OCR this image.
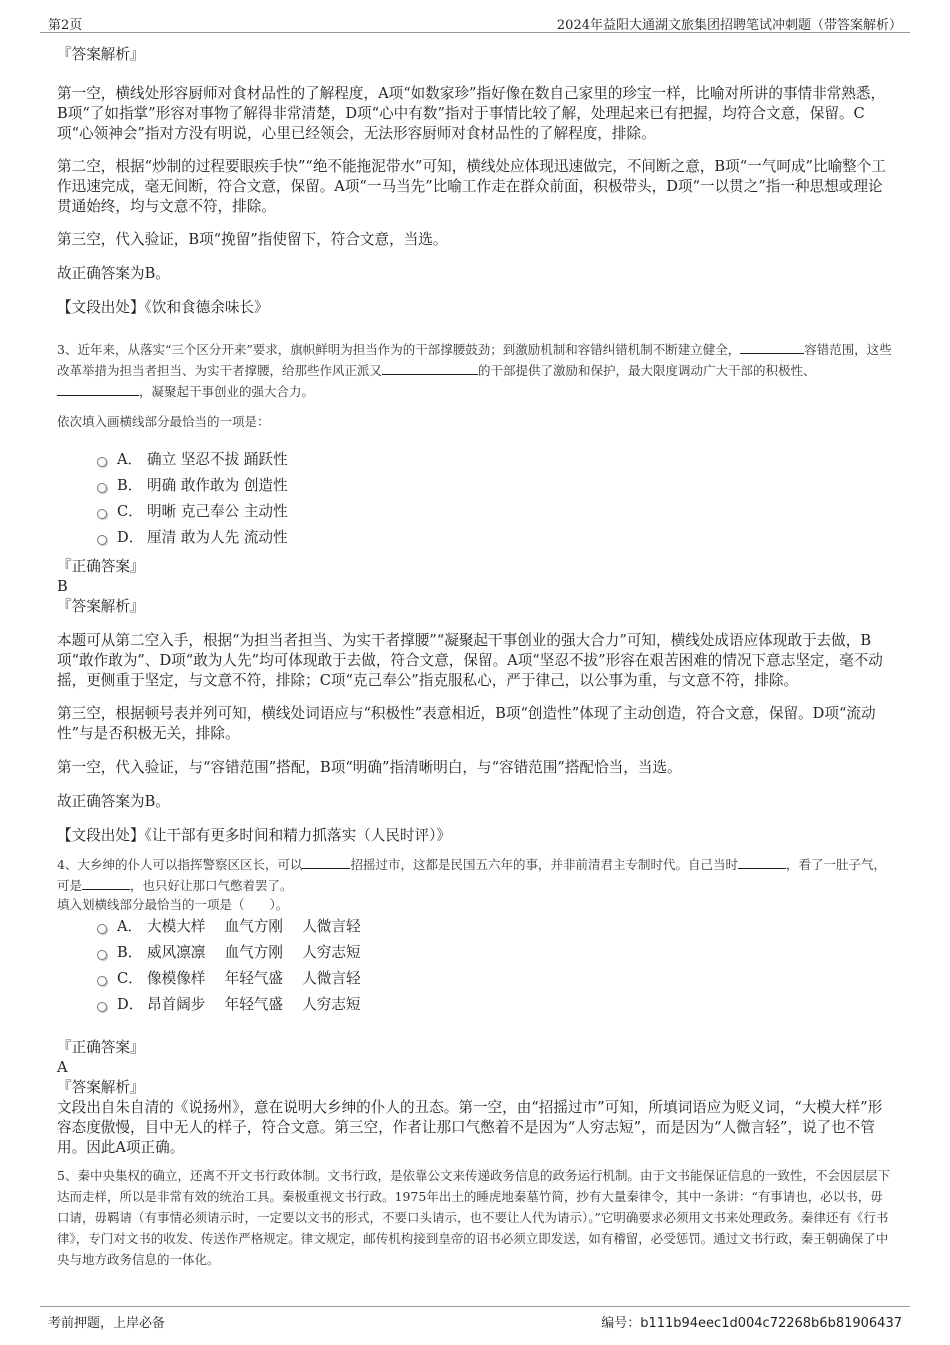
第2页	2024年益阳大通湖文旅集团招聘笔试冲刺题（带答案解析）

『答案解析』

第一空，横线处形容厨师对食材品性的了解程度，A项“如数家珍”指好像在数自己家里的珍宝一样，比喻对所讲的事情非常熟悉，B项“了如指掌”形容对事物了解得非常清楚，D项“心中有数”指对于事情比较了解，处理起来已有把握，均符合文意，保留。C项“心领神会”指对方没有明说，心里已经领会，无法形容厨师对食材品性的了解程度，排除。

第二空，根据“炒制的过程要眼疾手快”“绝不能拖泥带水”可知，横线处应体现迅速做完，不间断之意，B项“一气呵成”比喻整个工作迅速完成，毫无间断，符合文意，保留。A项“一马当先”比喻工作走在群众前面，积极带头，D项“一以贯之”指一种思想或理论贯通始终，均与文意不符，排除。

第三空，代入验证，B项“挽留”指使留下，符合文意，当选。

故正确答案为B。

【文段出处】《饮和食德余味长》

3、近年来，从落实“三个区分开来”要求，旗帜鲜明为担当作为的干部撑腰鼓劲；到激励机制和容错纠错机制不断建立健全，	容错范围，这些改革举措为担当者担当、为实干者撑腰，给那些作风正派又	的干部提供了激励和保护，最大限度调动广大干部的积极性、，凝聚起干事创业的强大合力。

依次填入画横线部分最恰当的一项是：

A． 确立 坚忍不拔 踊跃性
B． 明确 敢作敢为 创造性
C． 明晰 克己奉公 主动性
D． 厘清 敢为人先 流动性

『正确答案』

B

『答案解析』

本题可从第二空入手，根据“为担当者担当、为实干者撑腰”“凝聚起干事创业的强大合力”可知，横线处成语应体现敢于去做，B项“敢作敢为”、D项“敢为人先”均可体现敢于去做，符合文意，保留。A项“坚忍不拔”形容在艰苦困难的情况下意志坚定，毫不动摇，更侧重于坚定，与文意不符，排除；C项“克己奉公”指克服私心，严于律己，以公事为重，与文意不符，排除。

第三空，根据顿号表并列可知，横线处词语应与“积极性”表意相近，B项“创造性”体现了主动创造，符合文意，保留。D项“流动性”与是否积极无关，排除。

第一空，代入验证，与“容错范围”搭配，B项“明确”指清晰明白，与“容错范围”搭配恰当，当选。

故正确答案为B。

【文段出处】《让干部有更多时间和精力抓落实（人民时评）》

4、大乡绅的仆人可以指挥警察区区长，可以	招摇过市，这都是民国五六年的事，并非前清君主专制时代。自己当时	，看了一肚子气，可是	，也只好让那口气憋着罢了。

填入划横线部分最恰当的一项是（　　）。

A． 大模大样　 血气方刚　 人微言轻
B． 威风凛凛　 血气方刚　 人穷志短
C． 像模像样　 年轻气盛　 人微言轻
D． 昂首阔步　 年轻气盛　 人穷志短

『正确答案』

A

『答案解析』

文段出自朱自清的《说扬州》，意在说明大乡绅的仆人的丑态。第一空，由“招摇过市”可知，所填词语应为贬义词，“大模大样”形容态度傲慢，目中无人的样子，符合文意。第三空，作者让那口气憋着不是因为“人穷志短”，而是因为“人微言轻”，说了也不管用。因此A项正确。

5、秦中央集权的确立，还离不开文书行政体制。文书行政，是依靠公文来传递政务信息的政务运行机制。由于文书能保证信息的一致性，不会因层层下达而走样，所以是非常有效的统治工具。秦极重视文书行政。1975年出土的睡虎地秦墓竹简，抄有大量秦律令，其中一条讲：“有事请也，必以书，毋口请，毋羁请（有事情必须请示时，一定要以文书的形式，不要口头请示，也不要让人代为请示）。”它明确要求必须用文书来处理政务。秦律还有《行书律》，专门对文书的收发、传送作严格规定。律文规定，邮传机构接到皇帝的诏书必须立即发送，如有稽留，必受惩罚。通过文书行政，秦王朝确保了中央与地方政务信息的一体化。

考前押题，上岸必备	编号：b111b94eec1d004c72268b6b81906437
